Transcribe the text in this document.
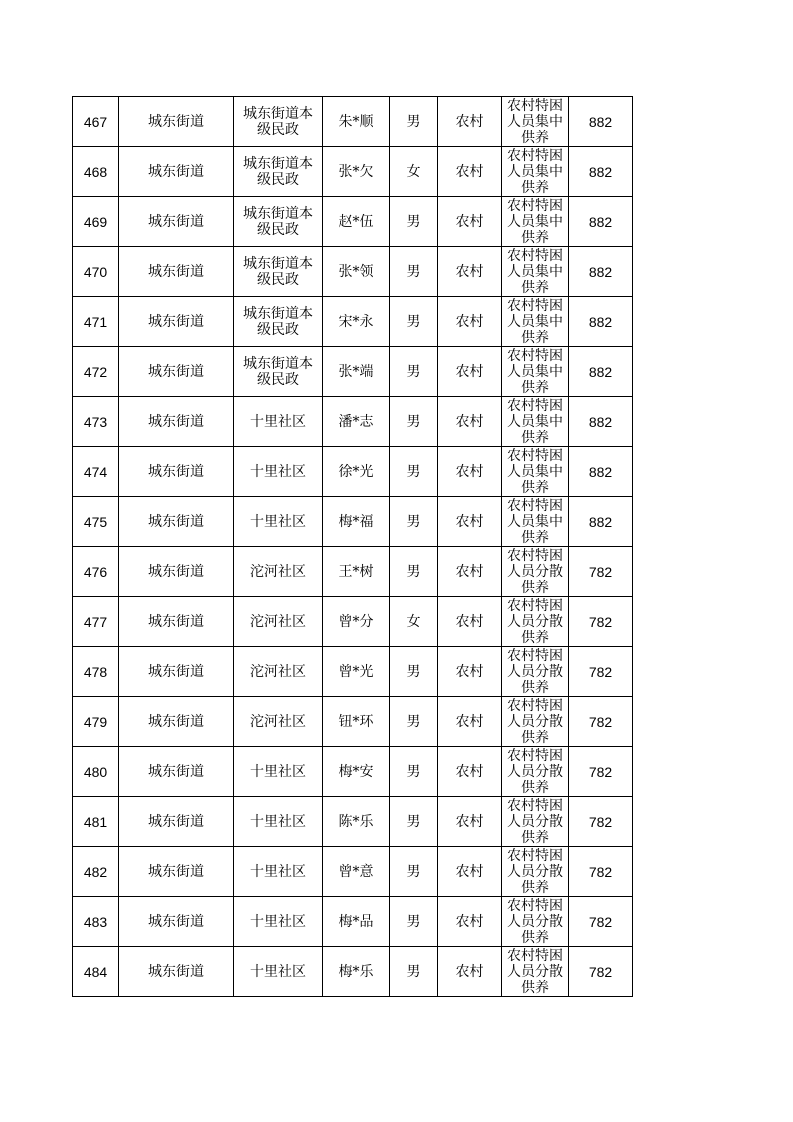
467	城东街道	城东街道本级民政	朱*顺	男	农村	农村特困人员集中供养	882
468	城东街道	城东街道本级民政	张*欠	女	农村	农村特困人员集中供养	882
469	城东街道	城东街道本级民政	赵*伍	男	农村	农村特困人员集中供养	882
470	城东街道	城东街道本级民政	张*领	男	农村	农村特困人员集中供养	882
471	城东街道	城东街道本级民政	宋*永	男	农村	农村特困人员集中供养	882
472	城东街道	城东街道本级民政	张*端	男	农村	农村特困人员集中供养	882
473	城东街道	十里社区	潘*志	男	农村	农村特困人员集中供养	882
474	城东街道	十里社区	徐*光	男	农村	农村特困人员集中供养	882
475	城东街道	十里社区	梅*福	男	农村	农村特困人员集中供养	882
476	城东街道	沱河社区	王*树	男	农村	农村特困人员分散供养	782
477	城东街道	沱河社区	曾*分	女	农村	农村特困人员分散供养	782
478	城东街道	沱河社区	曾*光	男	农村	农村特困人员分散供养	782
479	城东街道	沱河社区	钮*环	男	农村	农村特困人员分散供养	782
480	城东街道	十里社区	梅*安	男	农村	农村特困人员分散供养	782
481	城东街道	十里社区	陈*乐	男	农村	农村特困人员分散供养	782
482	城东街道	十里社区	曾*意	男	农村	农村特困人员分散供养	782
483	城东街道	十里社区	梅*品	男	农村	农村特困人员分散供养	782
484	城东街道	十里社区	梅*乐	男	农村	农村特困人员分散供养	782
